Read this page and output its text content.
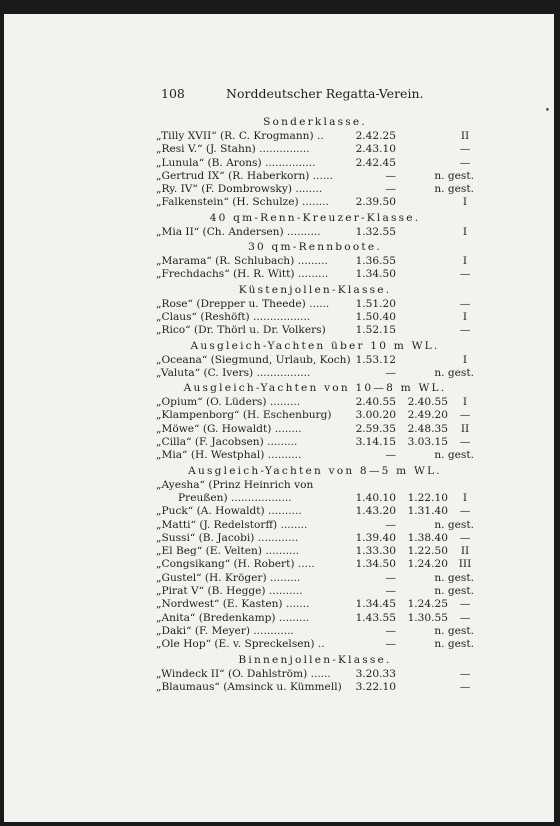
108	Norddeutscher Regatta-Verein.
•
Sonderklasse.
„Tilly XVII“ (R. C. Krogmann) ..	2.42.25	II
„Resi V.“ (J. Stahn) ...............	2.43.10	—
„Lunula“ (B. Arons) ...............	2.42.45	—
„Gertrud IX“ (R. Haberkorn) ......	—	n. gest.
„Ry. IV“ (F. Dombrowsky) ........	—	n. gest.
„Falkenstein“ (H. Schulze) ........	2.39.50	I
40 qm-Renn-Kreuzer-Klasse.
„Mia II“ (Ch. Andersen) ..........	1.32.55	I
30 qm-Rennboote.
„Marama“ (R. Schlubach) .........	1.36.55	I
„Frechdachs“ (H. R. Witt) .........	1.34.50	—
Küstenjollen-Klasse.
„Rose“ (Drepper u. Theede) ...... 1.51.20	—
„Claus“ (Reshöft) .................	1.50.40	I
„Rico“ (Dr. Thörl u. Dr. Volkers)	1.52.15	—
Ausgleich-Yachten über 10 m WL.
„Oceana“ (Siegmund, Urlaub, Koch) 1.53.12	I
„Valuta“ (C. Ivers) ................	—	n. gest.
Ausgleich-Yachten von 10—8 m WL.
„Opium“ (O. Lüders) .........	2.40.55 2.40.55	I
„Klampenborg“ (H. Eschenburg) 3.00.20 2.49.20	—
„Möwe“ (G. Howaldt) ........	2.59.35 2.48.35	II
„Cilla“ (F. Jacobsen) .........	3.14.15 3.03.15	—
„Mia“ (H. Westphal) ..........	—	n. gest.
Ausgleich-Yachten von 8—5 m WL.
„Ayesha“ (Prinz Heinrich von
Preußen) ..................	1.40.10 1.22.10	I
„Puck“ (A. Howaldt) ..........	1.43.20 1.31.40	—
„Matti“ (J. Redelstorff) ........	—	n. gest.
„Sussi“ (B. Jacobi) ............	1.39.40 1.38.40	—
„El Beg“ (E. Velten) ..........	1.33.30 1.22.50	II
„Congsikang“ (H. Robert) .....	1.34.50 1.24.20 III
„Gustel“ (H. Kröger) .........	—	n. gest.
„Pirat V“ (B. Hegge) ..........	—	n. gest.
„Nordwest“ (E. Kasten) .......	1.34.45 1.24.25	—
„Anita“ (Bredenkamp) .........	1.43.55 1.30.55	—
„Daki“ (F. Meyer) ............	—	n. gest.
„Ole Hop“ (E. v. Spreckelsen) ..	—	n. gest.
Binnenjollen-Klasse.
„Windeck II“ (O. Dahlström) ...... 3.20.33	—
„Blaumaus“ (Amsinck u. Kümmell) 3.22.10	—
